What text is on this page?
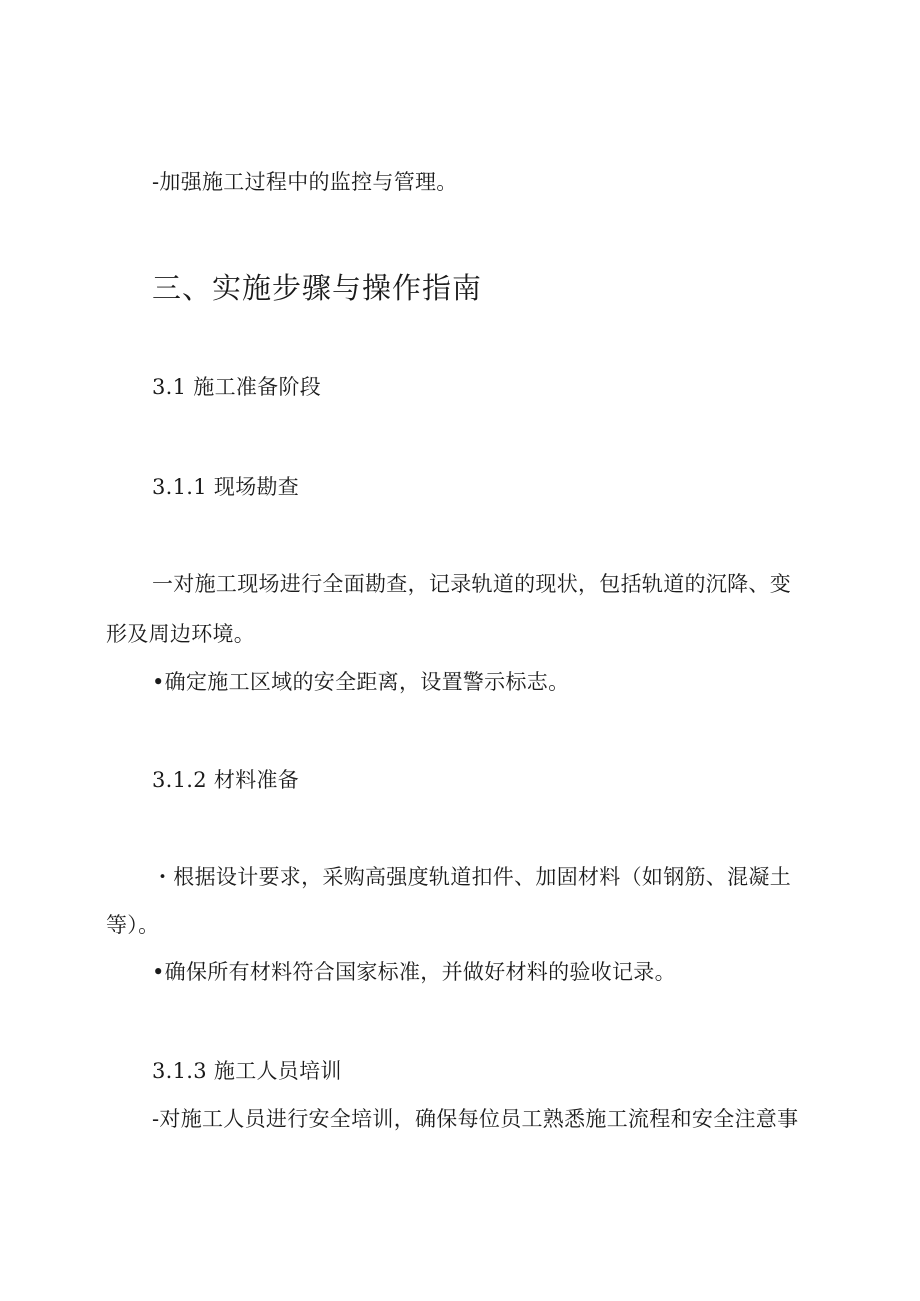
-加强施工过程中的监控与管理。
三、实施步骤与操作指南
3.1 施工准备阶段
3.1.1 现场勘查
一对施工现场进行全面勘查，记录轨道的现状，包括轨道的沉降、变
形及周边环境。
•确定施工区域的安全距离，设置警示标志。
3.1.2 材料准备
・根据设计要求，采购高强度轨道扣件、加固材料（如钢筋、混凝土
等）。
•确保所有材料符合国家标准，并做好材料的验收记录。
3.1.3 施工人员培训
-对施工人员进行安全培训，确保每位员工熟悉施工流程和安全注意事
